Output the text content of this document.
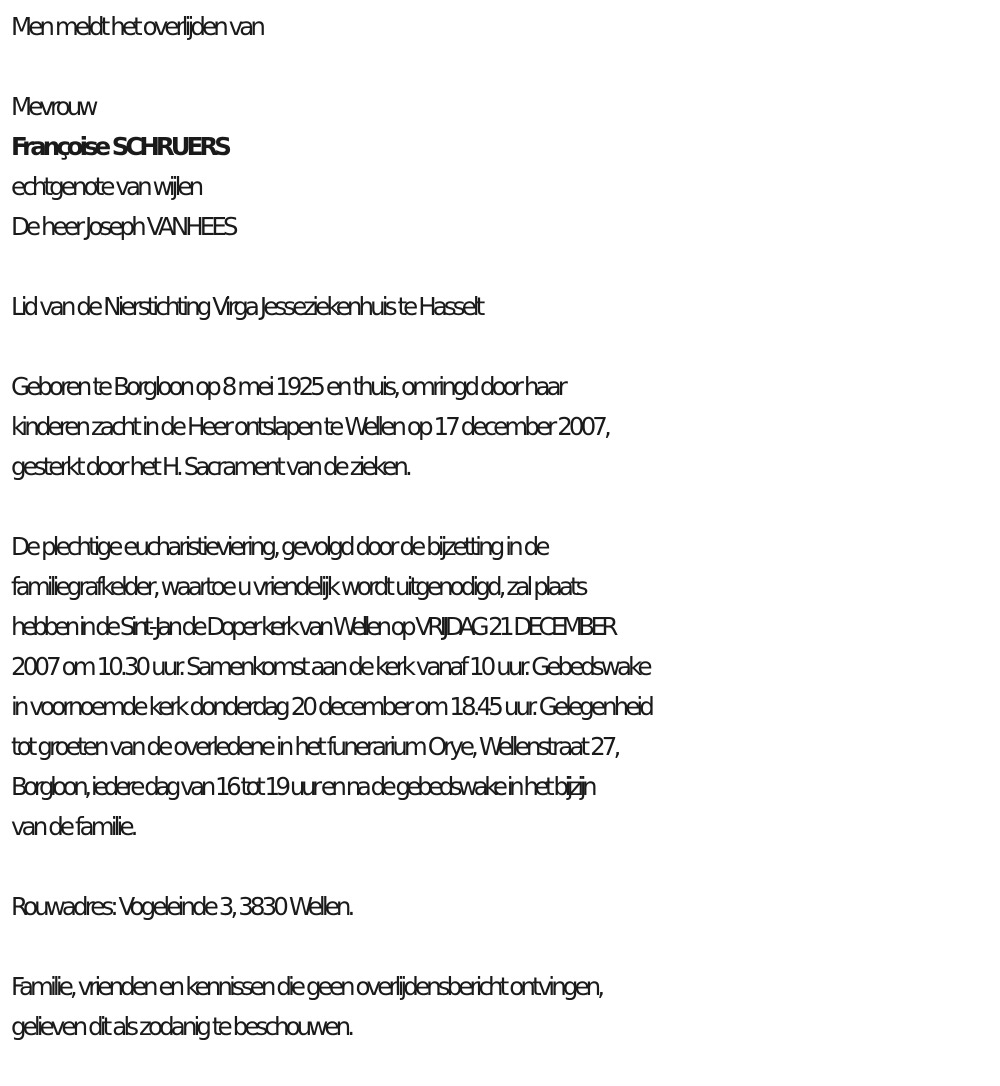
Men meldt het overlijden van
Mevrouw
Françoise SCHRUERS
echtgenote van wijlen
De heer Joseph VANHEES
Lid van de Nierstichting Virga Jesseziekenhuis te Hasselt
Geboren te Borgloon op 8 mei 1925 en thuis, omringd door haar
kinderen zacht in de Heer ontslapen te Wellen op 17 december 2007,
gesterkt door het H. Sacrament van de zieken.
De plechtige eucharistieviering, gevolgd door de bijzetting in de
familiegrafkelder, waartoe u vriendelijk wordt uitgenodigd, zal plaats
hebben in de Sint-Jan de Doper kerk van Wellen op VRIJDAG 21 DECEMBER
2007 om 10.30 uur. Samenkomst aan de kerk vanaf 10 uur. Gebedswake
in voornoemde kerk donderdag 20 december om 18.45 uur. Gelegenheid
tot groeten van de overledene in het funerarium Orye, Wellenstraat 27,
Borgloon, iedere dag van 16 tot 19 uur en na de gebedswake in het bijzijn
van de familie.
Rouwadres: Vogeleinde 3, 3830 Wellen.
Familie, vrienden en kennissen die geen overlijdensbericht ontvingen,
gelieven dit als zodanig te beschouwen.
